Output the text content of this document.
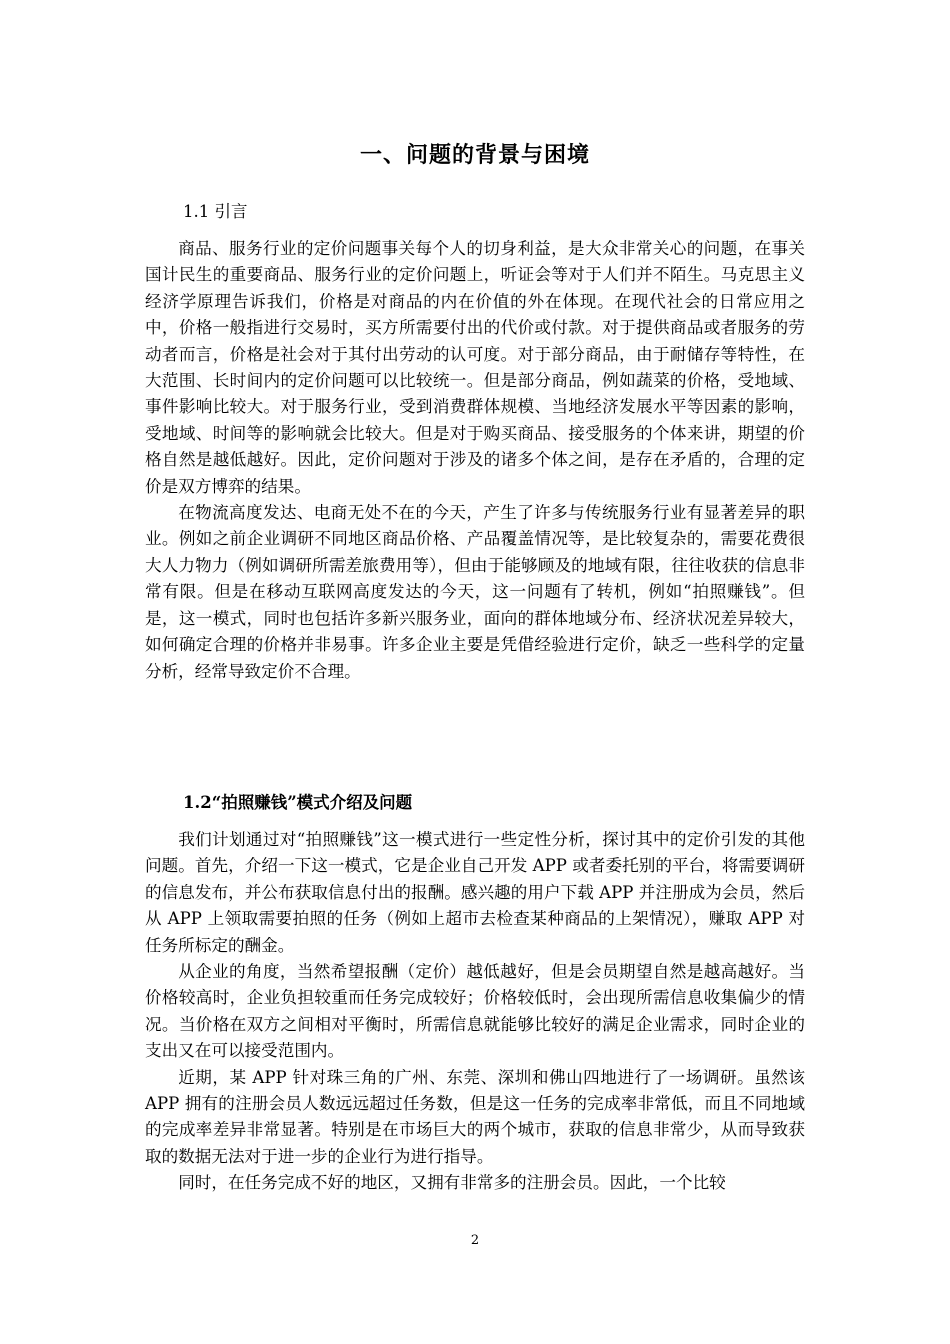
一、问题的背景与困境
1.1 引言

商品、服务行业的定价问题事关每个人的切身利益，是大众非常关心的问题，在事关国计民生的重要商品、服务行业的定价问题上，听证会等对于人们并不陌生。马克思主义经济学原理告诉我们，价格是对商品的内在价值的外在体现。在现代社会的日常应用之中，价格一般指进行交易时，买方所需要付出的代价或付款。对于提供商品或者服务的劳动者而言，价格是社会对于其付出劳动的认可度。对于部分商品，由于耐储存等特性，在大范围、长时间内的定价问题可以比较统一。但是部分商品，例如蔬菜的价格，受地域、事件影响比较大。对于服务行业，受到消费群体规模、当地经济发展水平等因素的影响，受地域、时间等的影响就会比较大。但是对于购买商品、接受服务的个体来讲，期望的价格自然是越低越好。因此，定价问题对于涉及的诸多个体之间，是存在矛盾的，合理的定价是双方博弈的结果。

在物流高度发达、电商无处不在的今天，产生了许多与传统服务行业有显著差异的职业。例如之前企业调研不同地区商品价格、产品覆盖情况等，是比较复杂的，需要花费很大人力物力（例如调研所需差旅费用等），但由于能够顾及的地域有限，往往收获的信息非常有限。但是在移动互联网高度发达的今天，这一问题有了转机，例如“拍照赚钱”。但是，这一模式，同时也包括许多新兴服务业，面向的群体地域分布、经济状况差异较大，如何确定合理的价格并非易事。许多企业主要是凭借经验进行定价，缺乏一些科学的定量分析，经常导致定价不合理。

1.2“拍照赚钱”模式介绍及问题

我们计划通过对“拍照赚钱”这一模式进行一些定性分析，探讨其中的定价引发的其他问题。首先，介绍一下这一模式，它是企业自己开发 APP 或者委托别的平台，将需要调研的信息发布，并公布获取信息付出的报酬。感兴趣的用户下载 APP 并注册成为会员，然后从 APP 上领取需要拍照的任务（例如上超市去检查某种商品的上架情况），赚取 APP 对任务所标定的酬金。

从企业的角度，当然希望报酬（定价）越低越好，但是会员期望自然是越高越好。当价格较高时，企业负担较重而任务完成较好；价格较低时，会出现所需信息收集偏少的情况。当价格在双方之间相对平衡时，所需信息就能够比较好的满足企业需求，同时企业的支出又在可以接受范围内。

近期，某 APP 针对珠三角的广州、东莞、深圳和佛山四地进行了一场调研。虽然该 APP 拥有的注册会员人数远远超过任务数，但是这一任务的完成率非常低，而且不同地域的完成率差异非常显著。特别是在市场巨大的两个城市，获取的信息非常少，从而导致获取的数据无法对于进一步的企业行为进行指导。

同时，在任务完成不好的地区，又拥有非常多的注册会员。因此，一个比较

2
